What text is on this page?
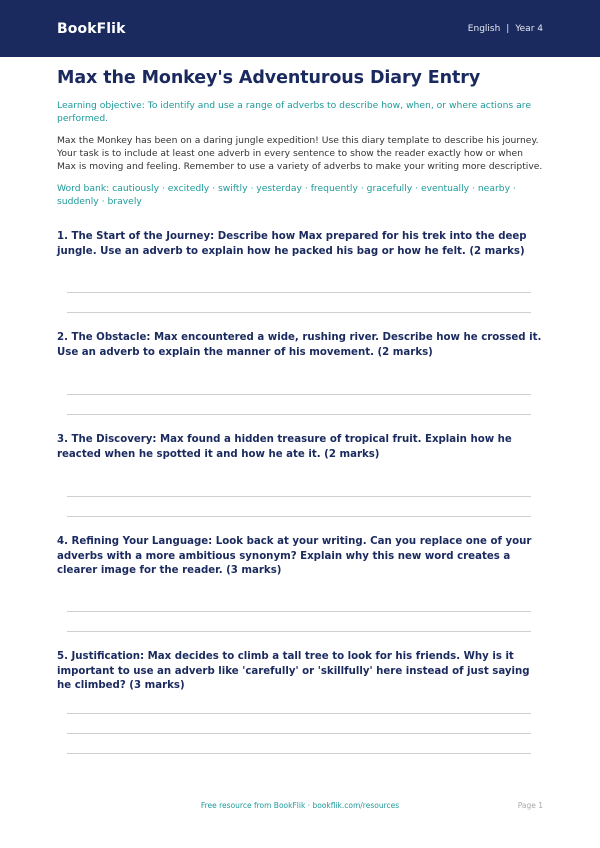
BookFlik	English | Year 4
Max the Monkey's Adventurous Diary Entry

Learning objective: To identify and use a range of adverbs to describe how, when, or where actions are performed.

Max the Monkey has been on a daring jungle expedition! Use this diary template to describe his journey. Your task is to include at least one adverb in every sentence to show the reader exactly how or when Max is moving and feeling. Remember to use a variety of adverbs to make your writing more descriptive.

Word bank: cautiously · excitedly · swiftly · yesterday · frequently · gracefully · eventually · nearby · suddenly · bravely

1. The Start of the Journey: Describe how Max prepared for his trek into the deep jungle. Use an adverb to explain how he packed his bag or how he felt. (2 marks)

2. The Obstacle: Max encountered a wide, rushing river. Describe how he crossed it. Use an adverb to explain the manner of his movement. (2 marks)

3. The Discovery: Max found a hidden treasure of tropical fruit. Explain how he reacted when he spotted it and how he ate it. (2 marks)

4. Refining Your Language: Look back at your writing. Can you replace one of your adverbs with a more ambitious synonym? Explain why this new word creates a clearer image for the reader. (3 marks)

5. Justification: Max decides to climb a tall tree to look for his friends. Why is it important to use an adverb like 'carefully' or 'skillfully' here instead of just saying he climbed? (3 marks)

Free resource from BookFlik · bookflik.com/resources	Page 1
